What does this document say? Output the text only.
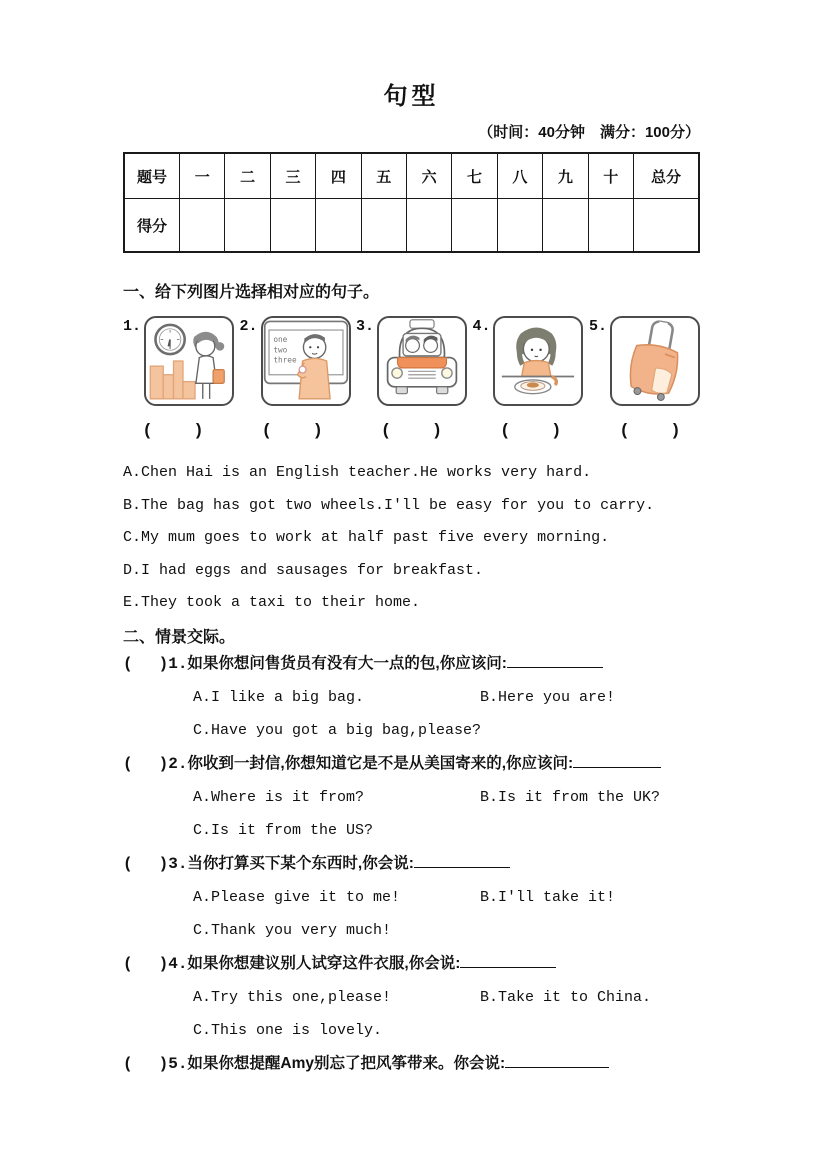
句型
（时间：40分钟　满分：100分）
题号	一	二	三	四	五	六	七	八	九	十	总分
得分											
一、给下列图片选择相对应的句子。
1.	2.
one
two
three
3.	4.	5.
(    )	(    )	(    )	(    )	(    )
A.Chen Hai is an English teacher.He works very hard.
B.The bag has got two wheels.I'll be easy for you to carry.
C.My mum goes to work at half past five every morning.
D.I had eggs and sausages for breakfast.
E.They took a taxi to their home.
二、情景交际。
( )1.如果你想问售货员有没有大一点的包,你应该问:
A.I like a big bag.	B.Here you are!
C.Have you got a big bag,please?
( )2.你收到一封信,你想知道它是不是从美国寄来的,你应该问:
A.Where is it from?	B.Is it from the UK?
C.Is it from the US?
( )3.当你打算买下某个东西时,你会说:
A.Please give it to me!	B.I'll take it!
C.Thank you very much!
( )4.如果你想建议别人试穿这件衣服,你会说:
A.Try this one,please!	B.Take it to China.
C.This one is lovely.
( )5.如果你想提醒Amy别忘了把风筝带来。你会说:
